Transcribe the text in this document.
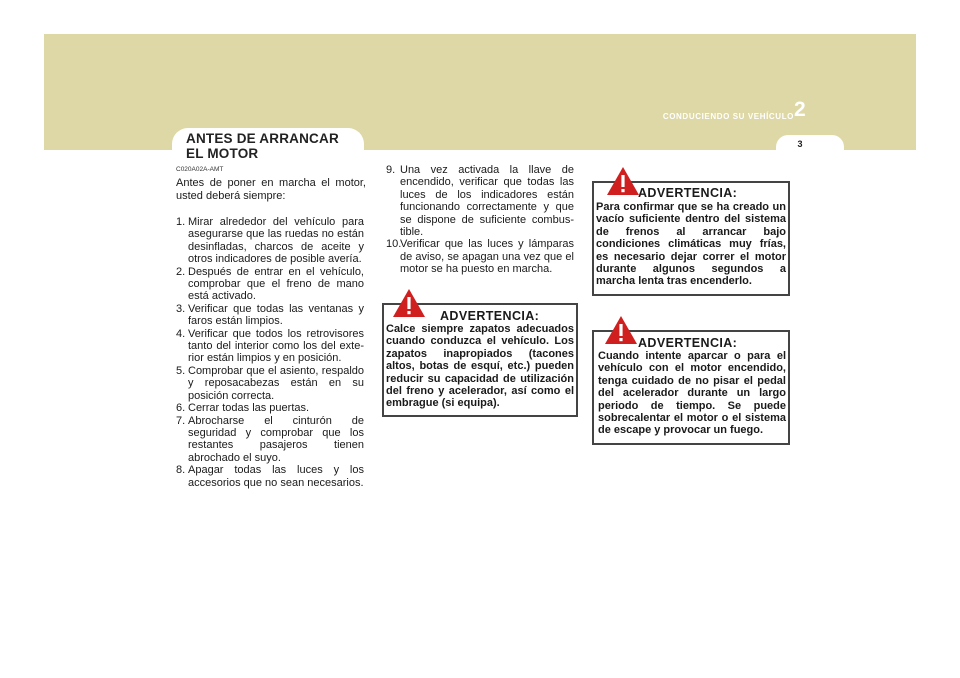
CONDUCIENDO SU VEHÍCULO 2
3
ANTES DE ARRANCAR EL MOTOR
C020A02A-AMT
Antes de poner en marcha el motor, usted deberá siempre:
1. Mirar alrededor del vehículo para asegurarse que las ruedas no están desinfladas, charcos de aceite y otros indicadores de posible avería.
2. Después de entrar en el vehículo, comprobar que el freno de mano está activado.
3. Verificar que todas las ventanas y faros están limpios.
4. Verificar que todos los retrovisores tanto del interior como los del exte-rior están limpios y en posición.
5. Comprobar que el asiento, respaldo y reposacabezas están en su posición correcta.
6. Cerrar todas las puertas.
7. Abrocharse el cinturón de seguridad y comprobar que los restantes pasajeros tienen abrochado el suyo.
8. Apagar todas las luces y los accesorios que no sean necesarios.
9. Una vez activada la llave de encendido, verificar que todas las luces de los indicadores están funcionando correctamente y que se dispone de suficiente combus-tible.
10.Verificar que las luces y lámparas de aviso, se apagan una vez que el motor se ha puesto en marcha.
ADVERTENCIA:
Calce siempre zapatos adecuados cuando conduzca el vehículo. Los zapatos inapropiados (tacones altos, botas de esquí, etc.) pueden reducir su capacidad de utilización del freno y acelerador, así como el embrague (si equipa).
ADVERTENCIA:
Para confirmar que se ha creado un vacío suficiente dentro del sistema de frenos al arrancar bajo condiciones climáticas muy frías, es necesario dejar correr el motor durante algunos segundos a marcha lenta tras encenderlo.
ADVERTENCIA:
Cuando intente aparcar o para el vehículo con el motor encendido, tenga cuidado de no pisar el pedal del acelerador durante un largo periodo de tiempo. Se puede sobrecalentar el motor o el sistema de escape y provocar un fuego.
